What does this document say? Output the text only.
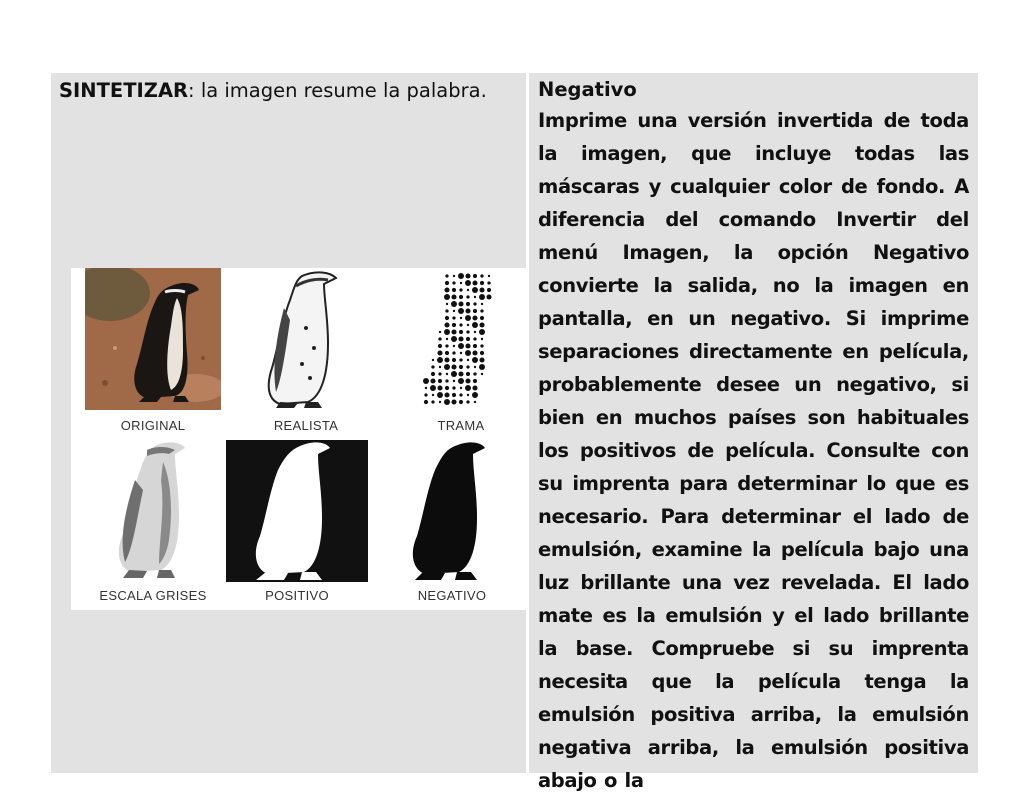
SINTETIZAR: la imagen resume la palabra.
ORIGINAL	REALISTA	TRAMA
ESCALA GRISES	POSITIVO	NEGATIVO
Negativo

Imprime una versión invertida de toda la imagen, que incluye todas las máscaras y cualquier color de fondo. A diferencia del comando Invertir del menú Imagen, la opción Negativo convierte la salida, no la imagen en pantalla, en un negativo. Si imprime separaciones directamente en película, probablemente desee un negativo, si bien en muchos países son habituales los positivos de película. Consulte con su imprenta para determinar lo que es necesario. Para determinar el lado de emulsión, examine la película bajo una luz brillante una vez revelada. El lado mate es la emulsión y el lado brillante la base. Compruebe si su imprenta necesita que la película tenga la emulsión positiva arriba, la emulsión negativa arriba, la emulsión positiva abajo o la
